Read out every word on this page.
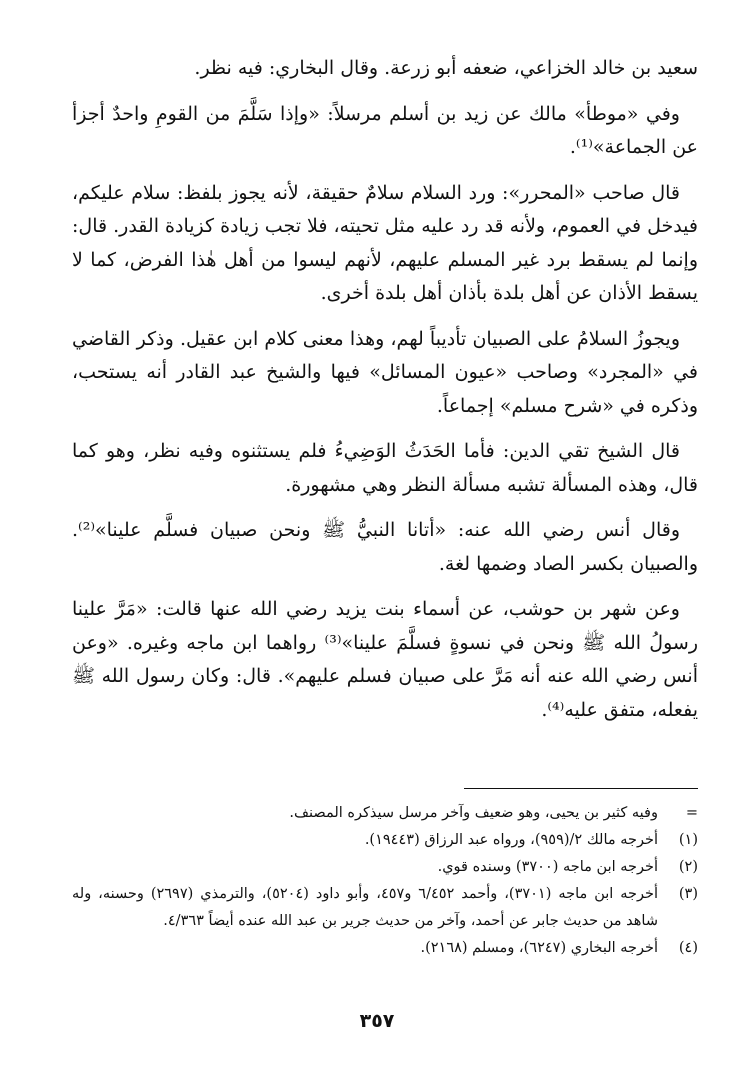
سعيد بن خالد الخزاعي، ضعفه أبو زرعة. وقال البخاري: فيه نظر.

وفي «موطأ» مالك عن زيد بن أسلم مرسلاً: «وإذا سَلَّمَ من القومِ واحدٌ أجزأ عن الجماعة»⁽¹⁾.

قال صاحب «المحرر»: ورد السلام سلامٌ حقيقة، لأنه يجوز بلفظ: سلام عليكم، فيدخل في العموم، ولأنه قد رد عليه مثل تحيته، فلا تجب زيادة كزيادة القدر. قال: وإنما لم يسقط برد غير المسلم عليهم، لأنهم ليسوا من أهل هٰذا الفرض، كما لا يسقط الأذان عن أهل بلدة بأذان أهل بلدة أخرى.

ويجوزُ السلامُ على الصبيان تأديباً لهم، وهذا معنى كلام ابن عقيل. وذكر القاضي في «المجرد» وصاحب «عيون المسائل» فيها والشيخ عبد القادر أنه يستحب، وذكره في «شرح مسلم» إجماعاً.

قال الشيخ تقي الدين: فأما الحَدَثُ الوَضِيءُ فلم يستثنوه وفيه نظر، وهو كما قال، وهذه المسألة تشبه مسألة النظر وهي مشهورة.

وقال أنس رضي الله عنه: «أتانا النبيُّ ﷺ ونحن صبيان فسلَّم علينا»⁽²⁾. والصبيان بكسر الصاد وضمها لغة.

وعن شهر بن حوشب، عن أسماء بنت يزيد رضي الله عنها قالت: «مَرَّ علينا رسولُ الله ﷺ ونحن في نسوةٍ فسلَّمَ علينا»⁽³⁾ رواهما ابن ماجه وغيره. «وعن أنس رضي الله عنه أنه مَرَّ على صبيان فسلم عليهم». قال: وكان رسول الله ﷺ يفعله، متفق عليه⁽⁴⁾.

=
وفيه كثير بن يحيى، وهو ضعيف وآخر مرسل سيذكره المصنف.
(١)
أخرجه مالك ٢/(٩٥٩)، ورواه عبد الرزاق (١٩٤٤٣).
(٢)
أخرجه ابن ماجه (٣٧٠٠) وسنده قوي.
(٣)
أخرجه ابن ماجه (٣٧٠١)، وأحمد ٦/٤٥٢ و٤٥٧، وأبو داود (٥٢٠٤)، والترمذي (٢٦٩٧) وحسنه، وله شاهد من حديث جابر عن أحمد، وآخر من حديث جرير بن عبد الله عنده أيضاً ٤/٣٦٣.
(٤)
أخرجه البخاري (٦٢٤٧)، ومسلم (٢١٦٨).
٣٥٧
